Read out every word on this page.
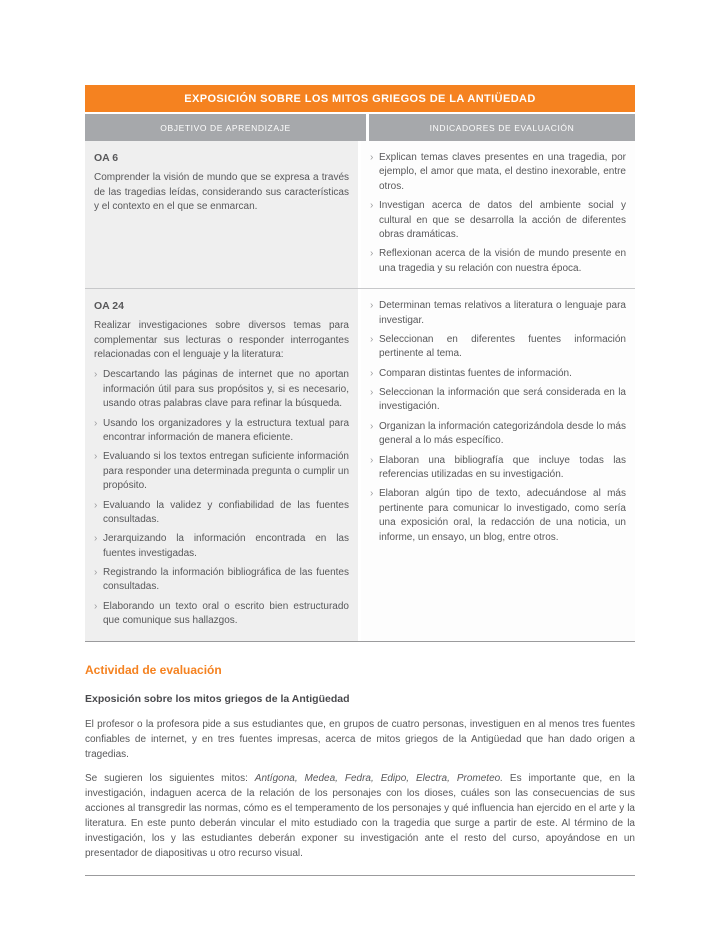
EXPOSICIÓN SOBRE LOS MITOS GRIEGOS DE LA ANTIÜEDAD
OBJETIVO DE APRENDIZAJE	INDICADORES DE EVALUACIÓN
OA 6

Comprender la visión de mundo que se expresa a través de las tragedias leídas, considerando sus características y el contexto en el que se enmarcan.

› Explican temas claves presentes en una tragedia, por ejemplo, el amor que mata, el destino inexorable, entre otros.
› Investigan acerca de datos del ambiente social y cultural en que se desarrolla la acción de diferentes obras dramáticas.
› Reflexionan acerca de la visión de mundo presente en una tragedia y su relación con nuestra época.
OA 24

Realizar investigaciones sobre diversos temas para complementar sus lecturas o responder interrogantes relacionadas con el lenguaje y la literatura:

› Descartando las páginas de internet que no aportan información útil para sus propósitos y, si es necesario, usando otras palabras clave para refinar la búsqueda.
› Usando los organizadores y la estructura textual para encontrar información de manera eficiente.
› Evaluando si los textos entregan suficiente información para responder una determinada pregunta o cumplir un propósito.
› Evaluando la validez y confiabilidad de las fuentes consultadas.
› Jerarquizando la información encontrada en las fuentes investigadas.
› Registrando la información bibliográfica de las fuentes consultadas.
› Elaborando un texto oral o escrito bien estructurado que comunique sus hallazgos.
› Determinan temas relativos a literatura o lenguaje para investigar.
› Seleccionan en diferentes fuentes información pertinente al tema.
› Comparan distintas fuentes de información.
› Seleccionan la información que será considerada en la investigación.
› Organizan la información categorizándola desde lo más general a lo más específico.
› Elaboran una bibliografía que incluye todas las referencias utilizadas en su investigación.
› Elaboran algún tipo de texto, adecuándose al más pertinente para comunicar lo investigado, como sería una exposición oral, la redacción de una noticia, un informe, un ensayo, un blog, entre otros.
Actividad de evaluación
Exposición sobre los mitos griegos de la Antigüedad

El profesor o la profesora pide a sus estudiantes que, en grupos de cuatro personas, investiguen en al menos tres fuentes confiables de internet, y en tres fuentes impresas, acerca de mitos griegos de la Antigüedad que han dado origen a tragedias.

Se sugieren los siguientes mitos: Antígona, Medea, Fedra, Edipo, Electra, Prometeo. Es importante que, en la investigación, indaguen acerca de la relación de los personajes con los dioses, cuáles son las consecuencias de sus acciones al transgredir las normas, cómo es el temperamento de los personajes y qué influencia han ejercido en el arte y la literatura. En este punto deberán vincular el mito estudiado con la tragedia que surge a partir de este. Al término de la investigación, los y las estudiantes deberán exponer su investigación ante el resto del curso, apoyándose en un presentador de diapositivas u otro recurso visual.
